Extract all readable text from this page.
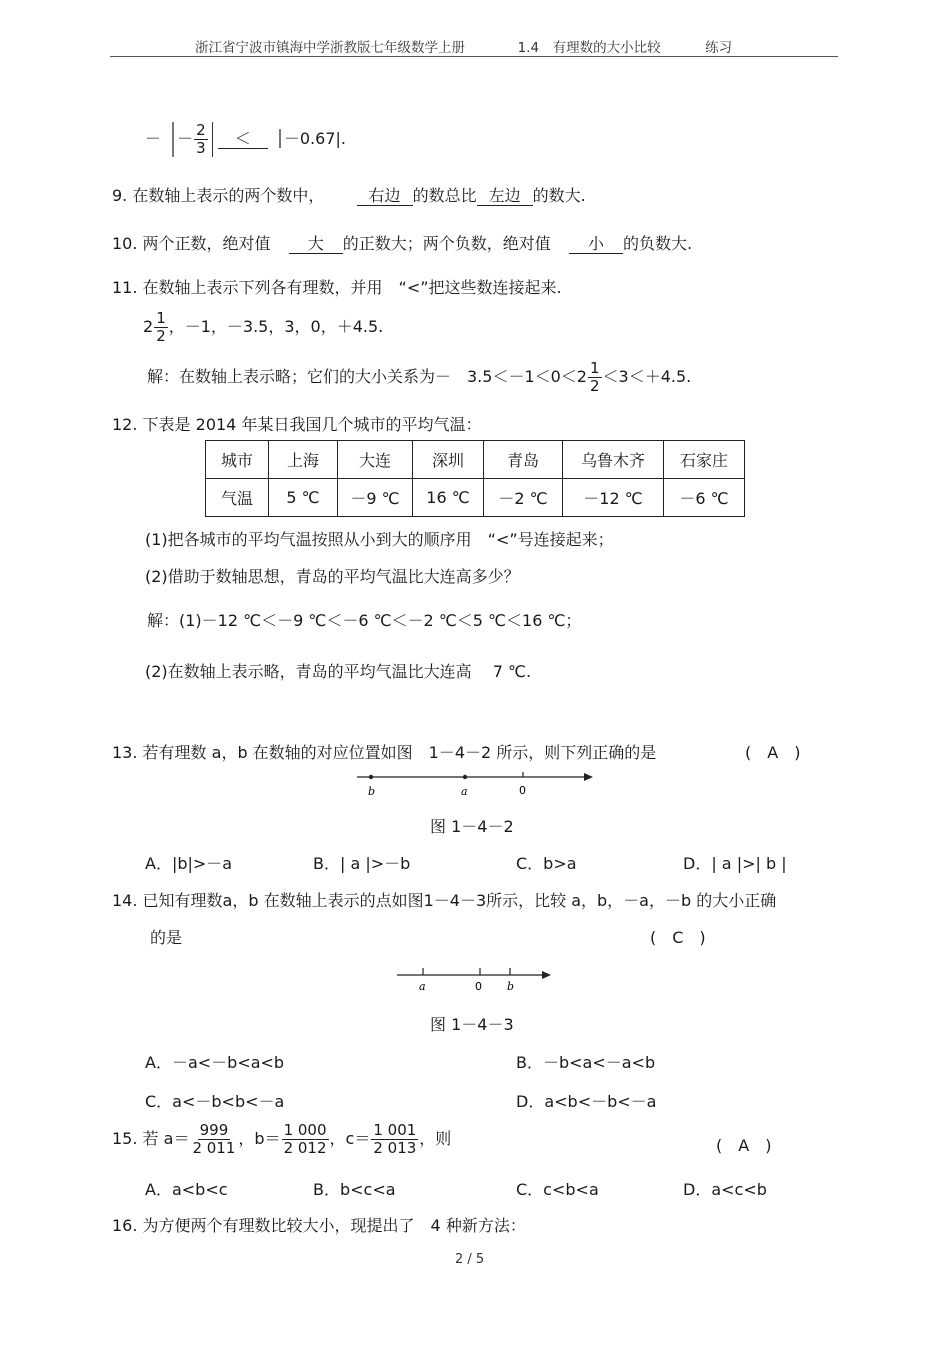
浙江省宁波市镇海中学浙教版七年级数学上册	1.4　有理数的大小比较	练习
－ － $\frac{2}{3} < -0.67|$.
9. 在数轴上表示的两个数中，	右边 的数总比 左边 的数大.
10. 两个正数，绝对值 大 的正数大；两个负数，绝对值 小 的负数大.
11. 在数轴上表示下列各有理数，并用　“<”把这些数连接起来.
$2 \frac{1}{2}$ ，－1，－3.5，3，0，＋4.5.
解：在数轴上表示略；它们的大小关系为－　$3.5<-1<0<2 \frac{1}{2} <3<+4.5$.
12. 下表是 2014 年某日我国几个城市的平均气温：
城市	上海	大连	深圳	青岛	乌鲁木齐	石家庄
气温	5 ℃	－9 ℃	16 ℃	－2 ℃	－12 ℃	－6 ℃
(1)把各城市的平均气温按照从小到大的顺序用　“<”号连接起来；
(2)借助于数轴思想，青岛的平均气温比大连高多少？
解：(1)－12 ℃＜－9 ℃＜－6 ℃＜－2 ℃＜5 ℃＜16 ℃；
(2)在数轴上表示略，青岛的平均气温比大连高　 7 ℃.
13. 若有理数 a，b 在数轴的对应位置如图　1－4－2 所示，则下列正确的是	(　A　)
b	a	0
图 1－4－2
A．|b|>－a	B．| a |>－b	C．b>a	D．| a |>| b |
14. 已知有理数a，b 在数轴上表示的点如图1－4－3所示，比较 a，b，－a，－b 的大小正确
的是	(　C　)
a	0 b
图 1－4－3
A．－a<－b<a<b	B．－b<a<－a<b
C．a<－b<b<－a	D．a<b<－b<－a
15. 若 $a= \frac{999}{2 011}$ ，$b= \frac{1 000}{2 012}$ ，$c= \frac{1 001}{2 013}$ ，则	(　A　)
A．a<b<c	B．b<c<a	C．c<b<a	D．a<c<b
16. 为方便两个有理数比较大小，现提出了　4 种新方法：
2 / 5
